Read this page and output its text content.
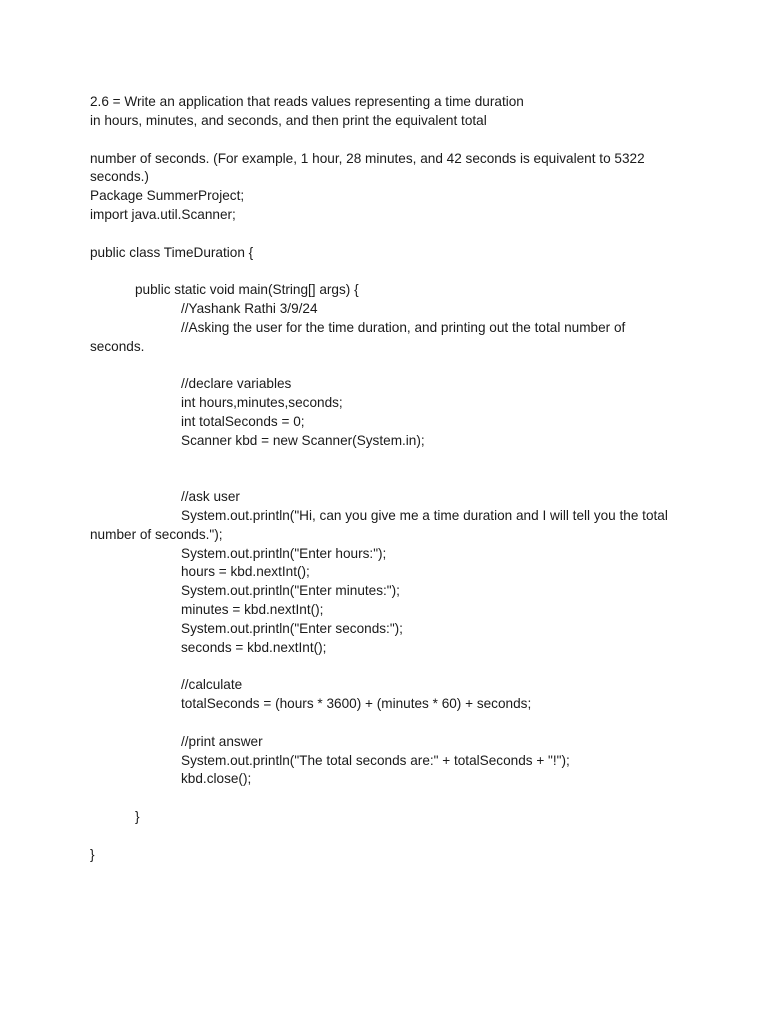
2.6 = Write an application that reads values representing a time duration
in hours, minutes, and seconds, and then print the equivalent total
number of seconds. (For example, 1 hour, 28 minutes, and 42 seconds is equivalent to 5322
seconds.)
Package SummerProject;
import java.util.Scanner;
public class TimeDuration {
public static void main(String[] args) {
//Yashank Rathi 3/9/24
//Asking the user for the time duration, and printing out the total number of
seconds.
//declare variables
int hours,minutes,seconds;
int totalSeconds = 0;
Scanner kbd = new Scanner(System.in);
//ask user
System.out.println("Hi, can you give me a time duration and I will tell you the total
number of seconds.");
System.out.println("Enter hours:");
hours = kbd.nextInt();
System.out.println("Enter minutes:");
minutes = kbd.nextInt();
System.out.println("Enter seconds:");
seconds = kbd.nextInt();
//calculate
totalSeconds = (hours * 3600) + (minutes * 60) + seconds;
//print answer
System.out.println("The total seconds are:" + totalSeconds + "!");
kbd.close();
}
}
